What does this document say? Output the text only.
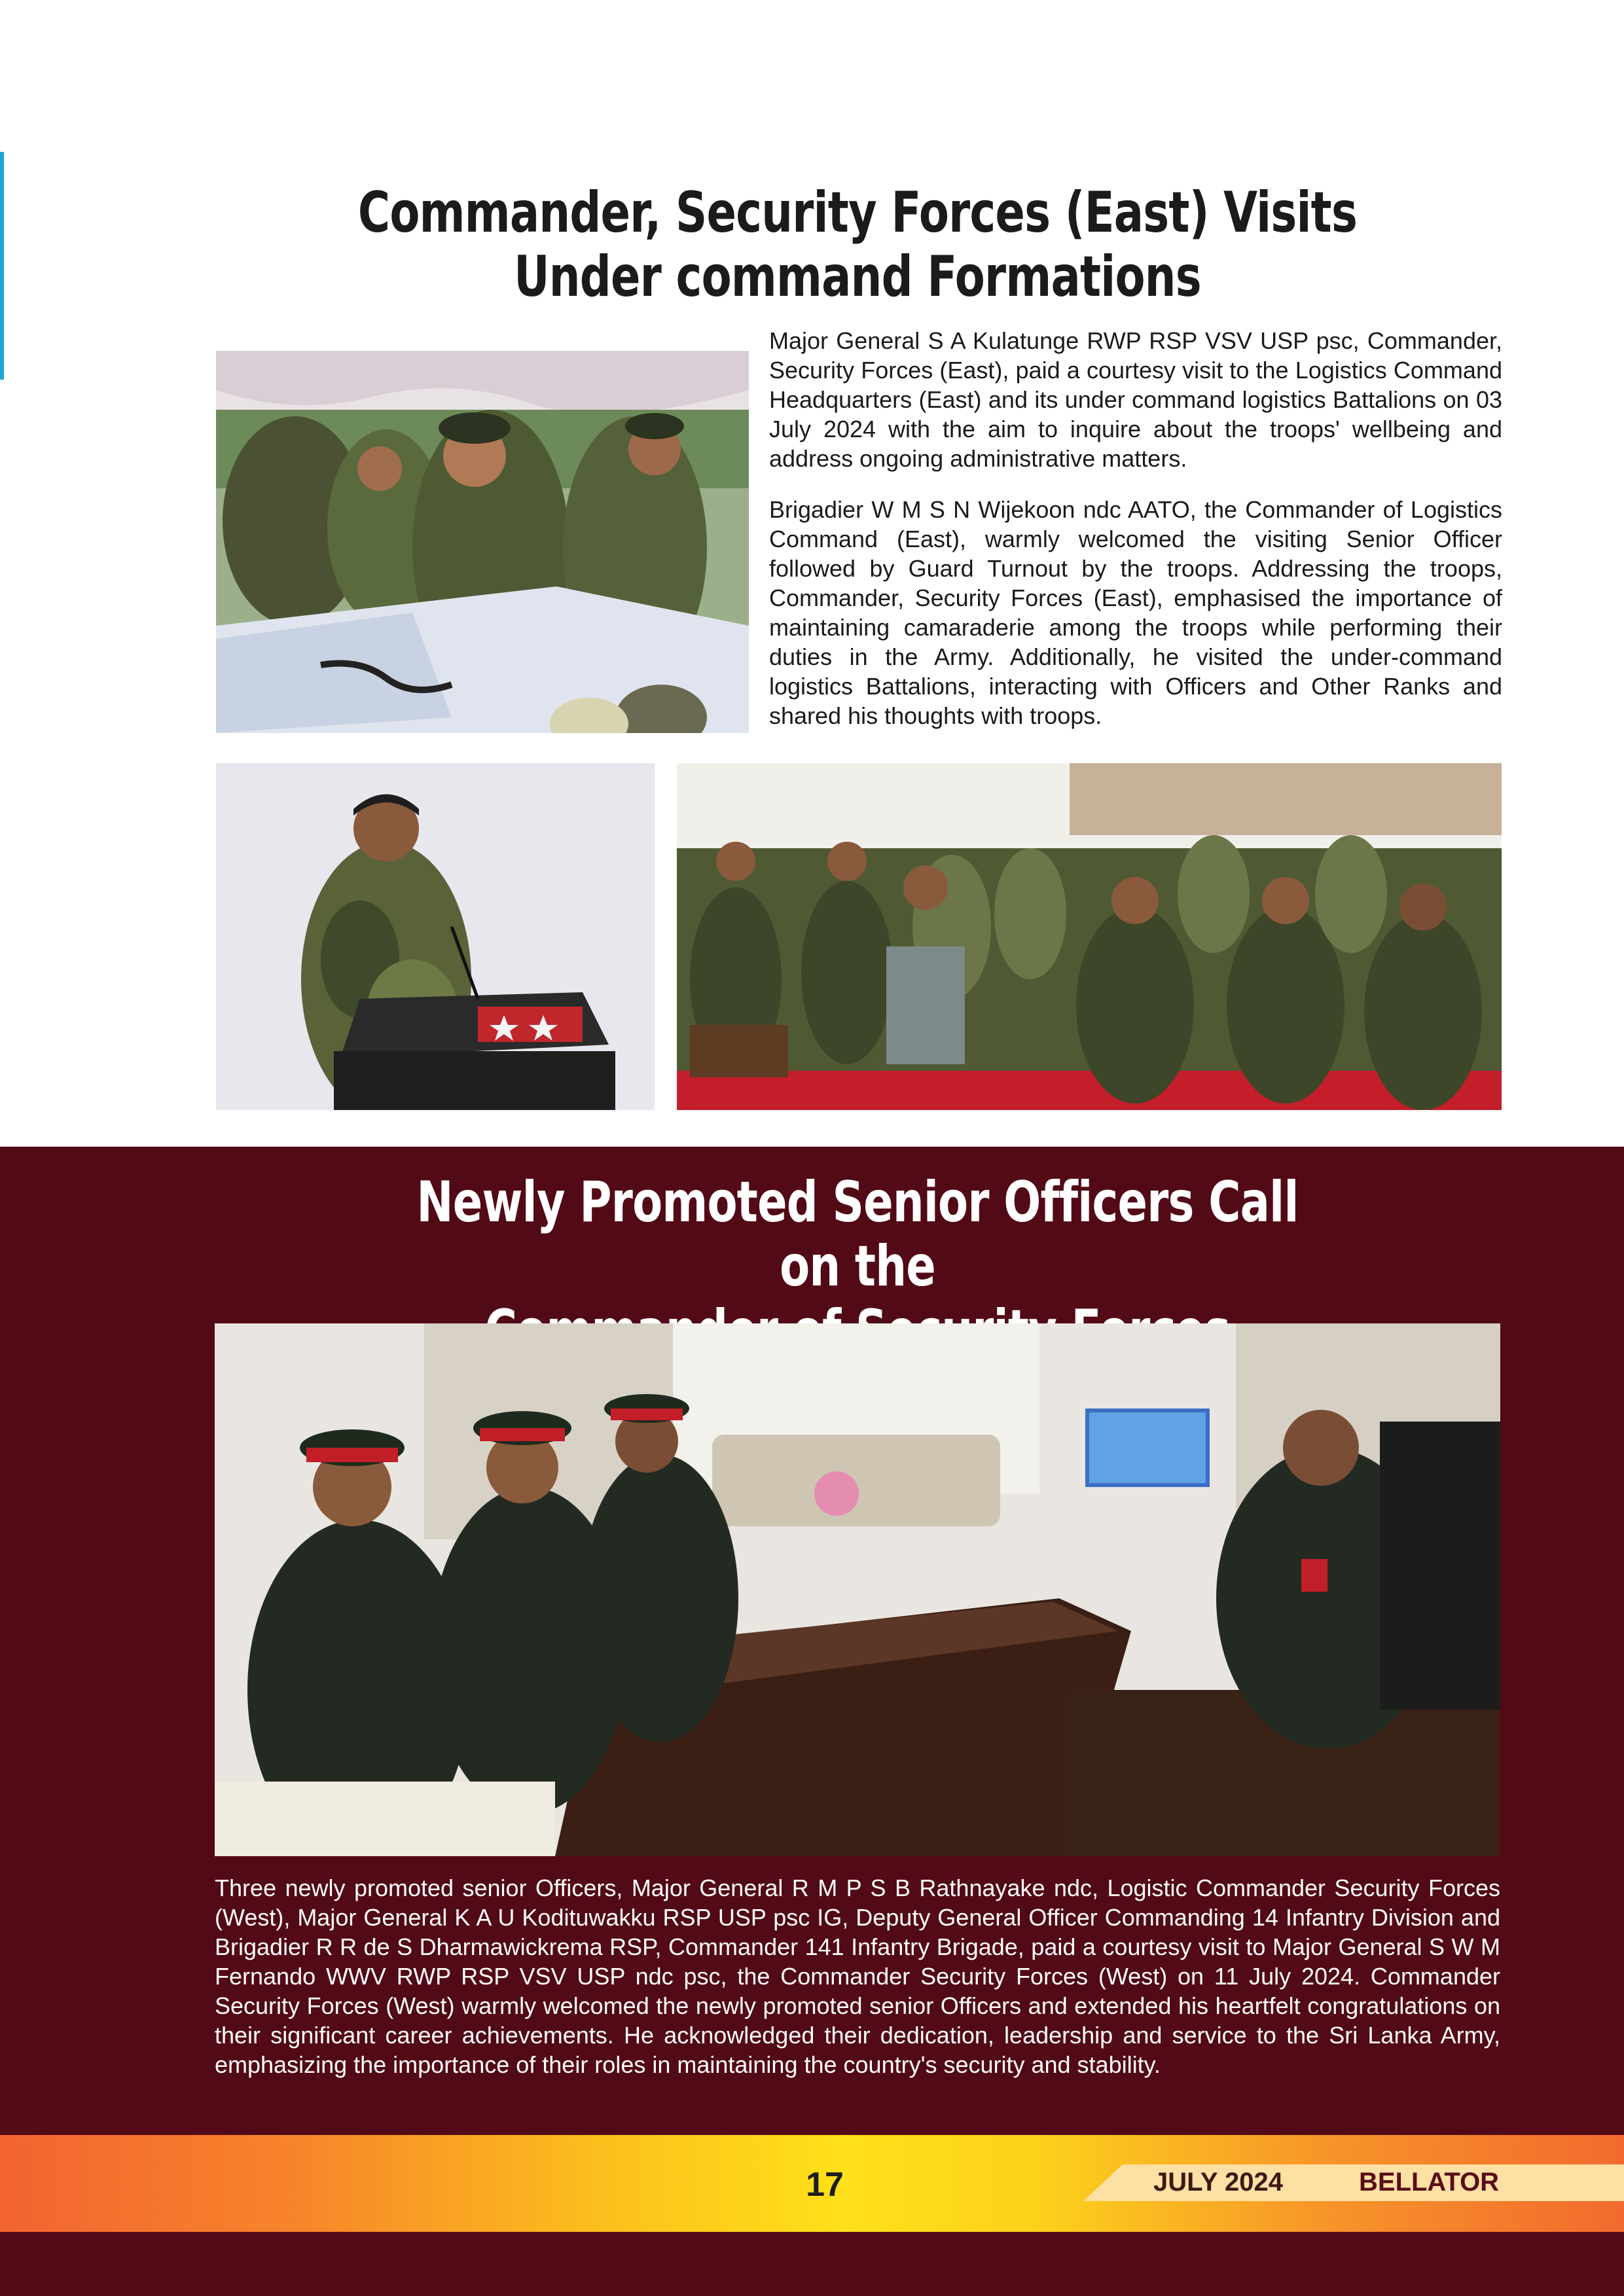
Commander, Security Forces (East) Visits Under command Formations

Major General S A Kulatunge RWP RSP VSV USP psc, Commander, Security Forces (East), paid a courtesy visit to the Logistics Command Headquarters (East) and its under command logistics Battalions on 03 July 2024 with the aim to inquire about the troops' wellbeing and address ongoing administrative matters.

Brigadier W M S N Wijekoon ndc AATO, the Commander of Logistics Command (East), warmly welcomed the visiting Senior Officer followed by Guard Turnout by the troops. Addressing the troops, Commander, Security Forces (East), emphasised the importance of maintaining camaraderie among the troops while performing their duties in the Army. Additionally, he visited the under-command logistics Battalions, interacting with Officers and Other Ranks and shared his thoughts with troops.

Newly Promoted Senior Officers Call on the
Three newly promoted senior Officers, Major General R M P S B Rathnayake ndc, Logistic Commander Security Forces (West), Major General K A U Kodituwakku RSP USP psc IG, Deputy General Officer Commanding 14 Infantry Division and Brigadier R R de S Dharmawickrema RSP, Commander 141 Infantry Brigade, paid a courtesy visit to Major General S W M Fernando WWV RWP RSP VSV USP ndc psc, the Commander Security Forces (West) on 11 July 2024. Commander Security Forces (West) warmly welcomed the newly promoted senior Officers and extended his heartfelt congratulations on their significant career achievements. He acknowledged their dedication, leadership and service to the Sri Lanka Army, emphasizing the importance of their roles in maintaining the country's security and stability.
17	JULY 2024	BELLATOR
